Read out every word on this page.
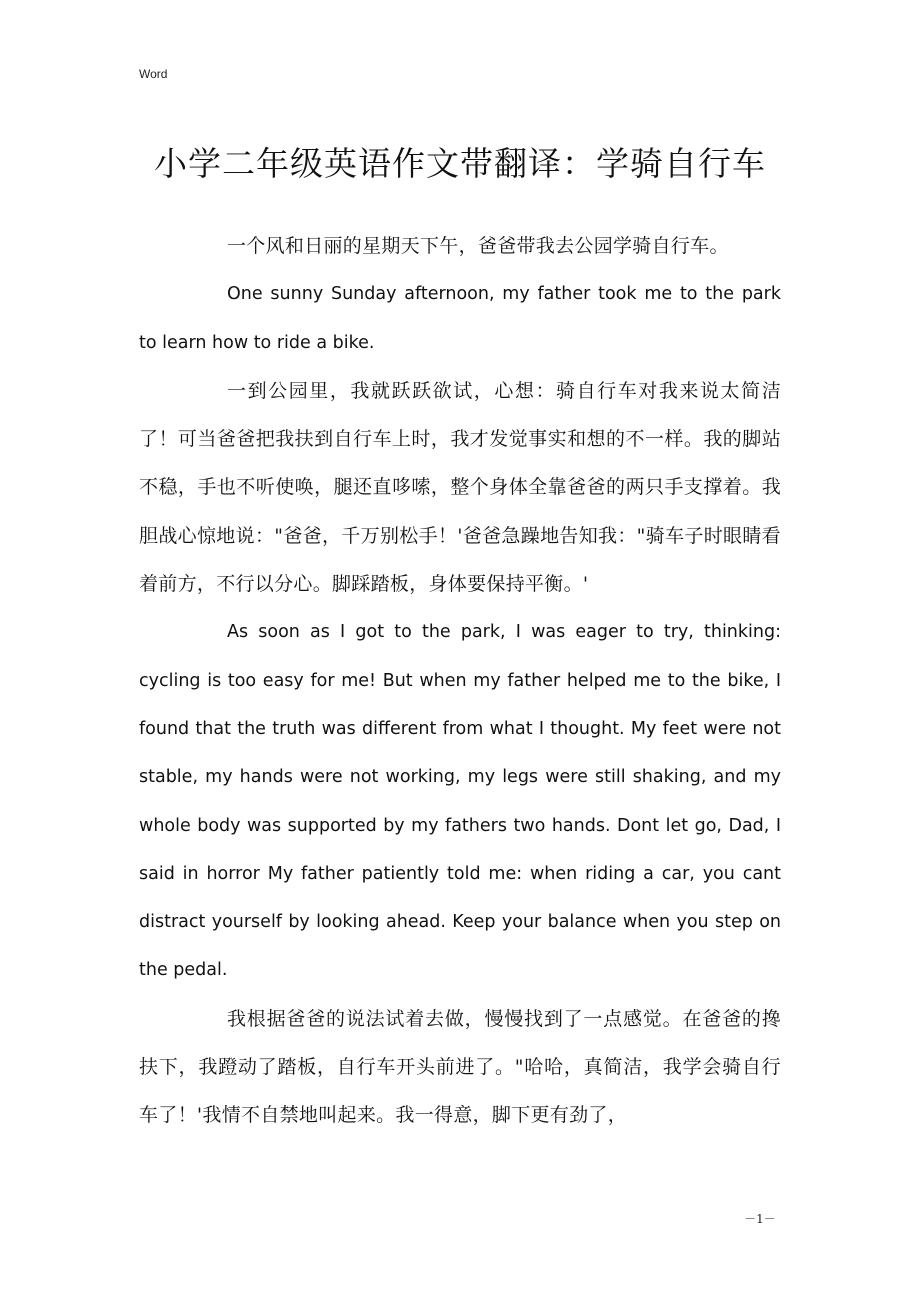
Word
小学二年级英语作文带翻译：学骑自行车

一个风和日丽的星期天下午，爸爸带我去公园学骑自行车。

One sunny Sunday afternoon, my father took me to the park to learn how to ride a bike.

一到公园里，我就跃跃欲试，心想：骑自行车对我来说太简洁了！可当爸爸把我扶到自行车上时，我才发觉事实和想的不一样。我的脚站不稳，手也不听使唤，腿还直哆嗦，整个身体全靠爸爸的两只手支撑着。我胆战心惊地说："爸爸，千万别松手！'爸爸急躁地告知我："骑车子时眼睛看着前方，不行以分心。脚踩踏板，身体要保持平衡。'

As soon as I got to the park, I was eager to try, thinking: cycling is too easy for me! But when my father helped me to the bike, I found that the truth was different from what I thought. My feet were not stable, my hands were not working, my legs were still shaking, and my whole body was supported by my fathers two hands. Dont let go, Dad, I said in horror My father patiently told me: when riding a car, you cant distract yourself by looking ahead. Keep your balance when you step on the pedal.

我根据爸爸的说法试着去做，慢慢找到了一点感觉。在爸爸的搀扶下，我蹬动了踏板，自行车开头前进了。"哈哈，真简洁，我学会骑自行车了！'我情不自禁地叫起来。我一得意，脚下更有劲了，

－1－
